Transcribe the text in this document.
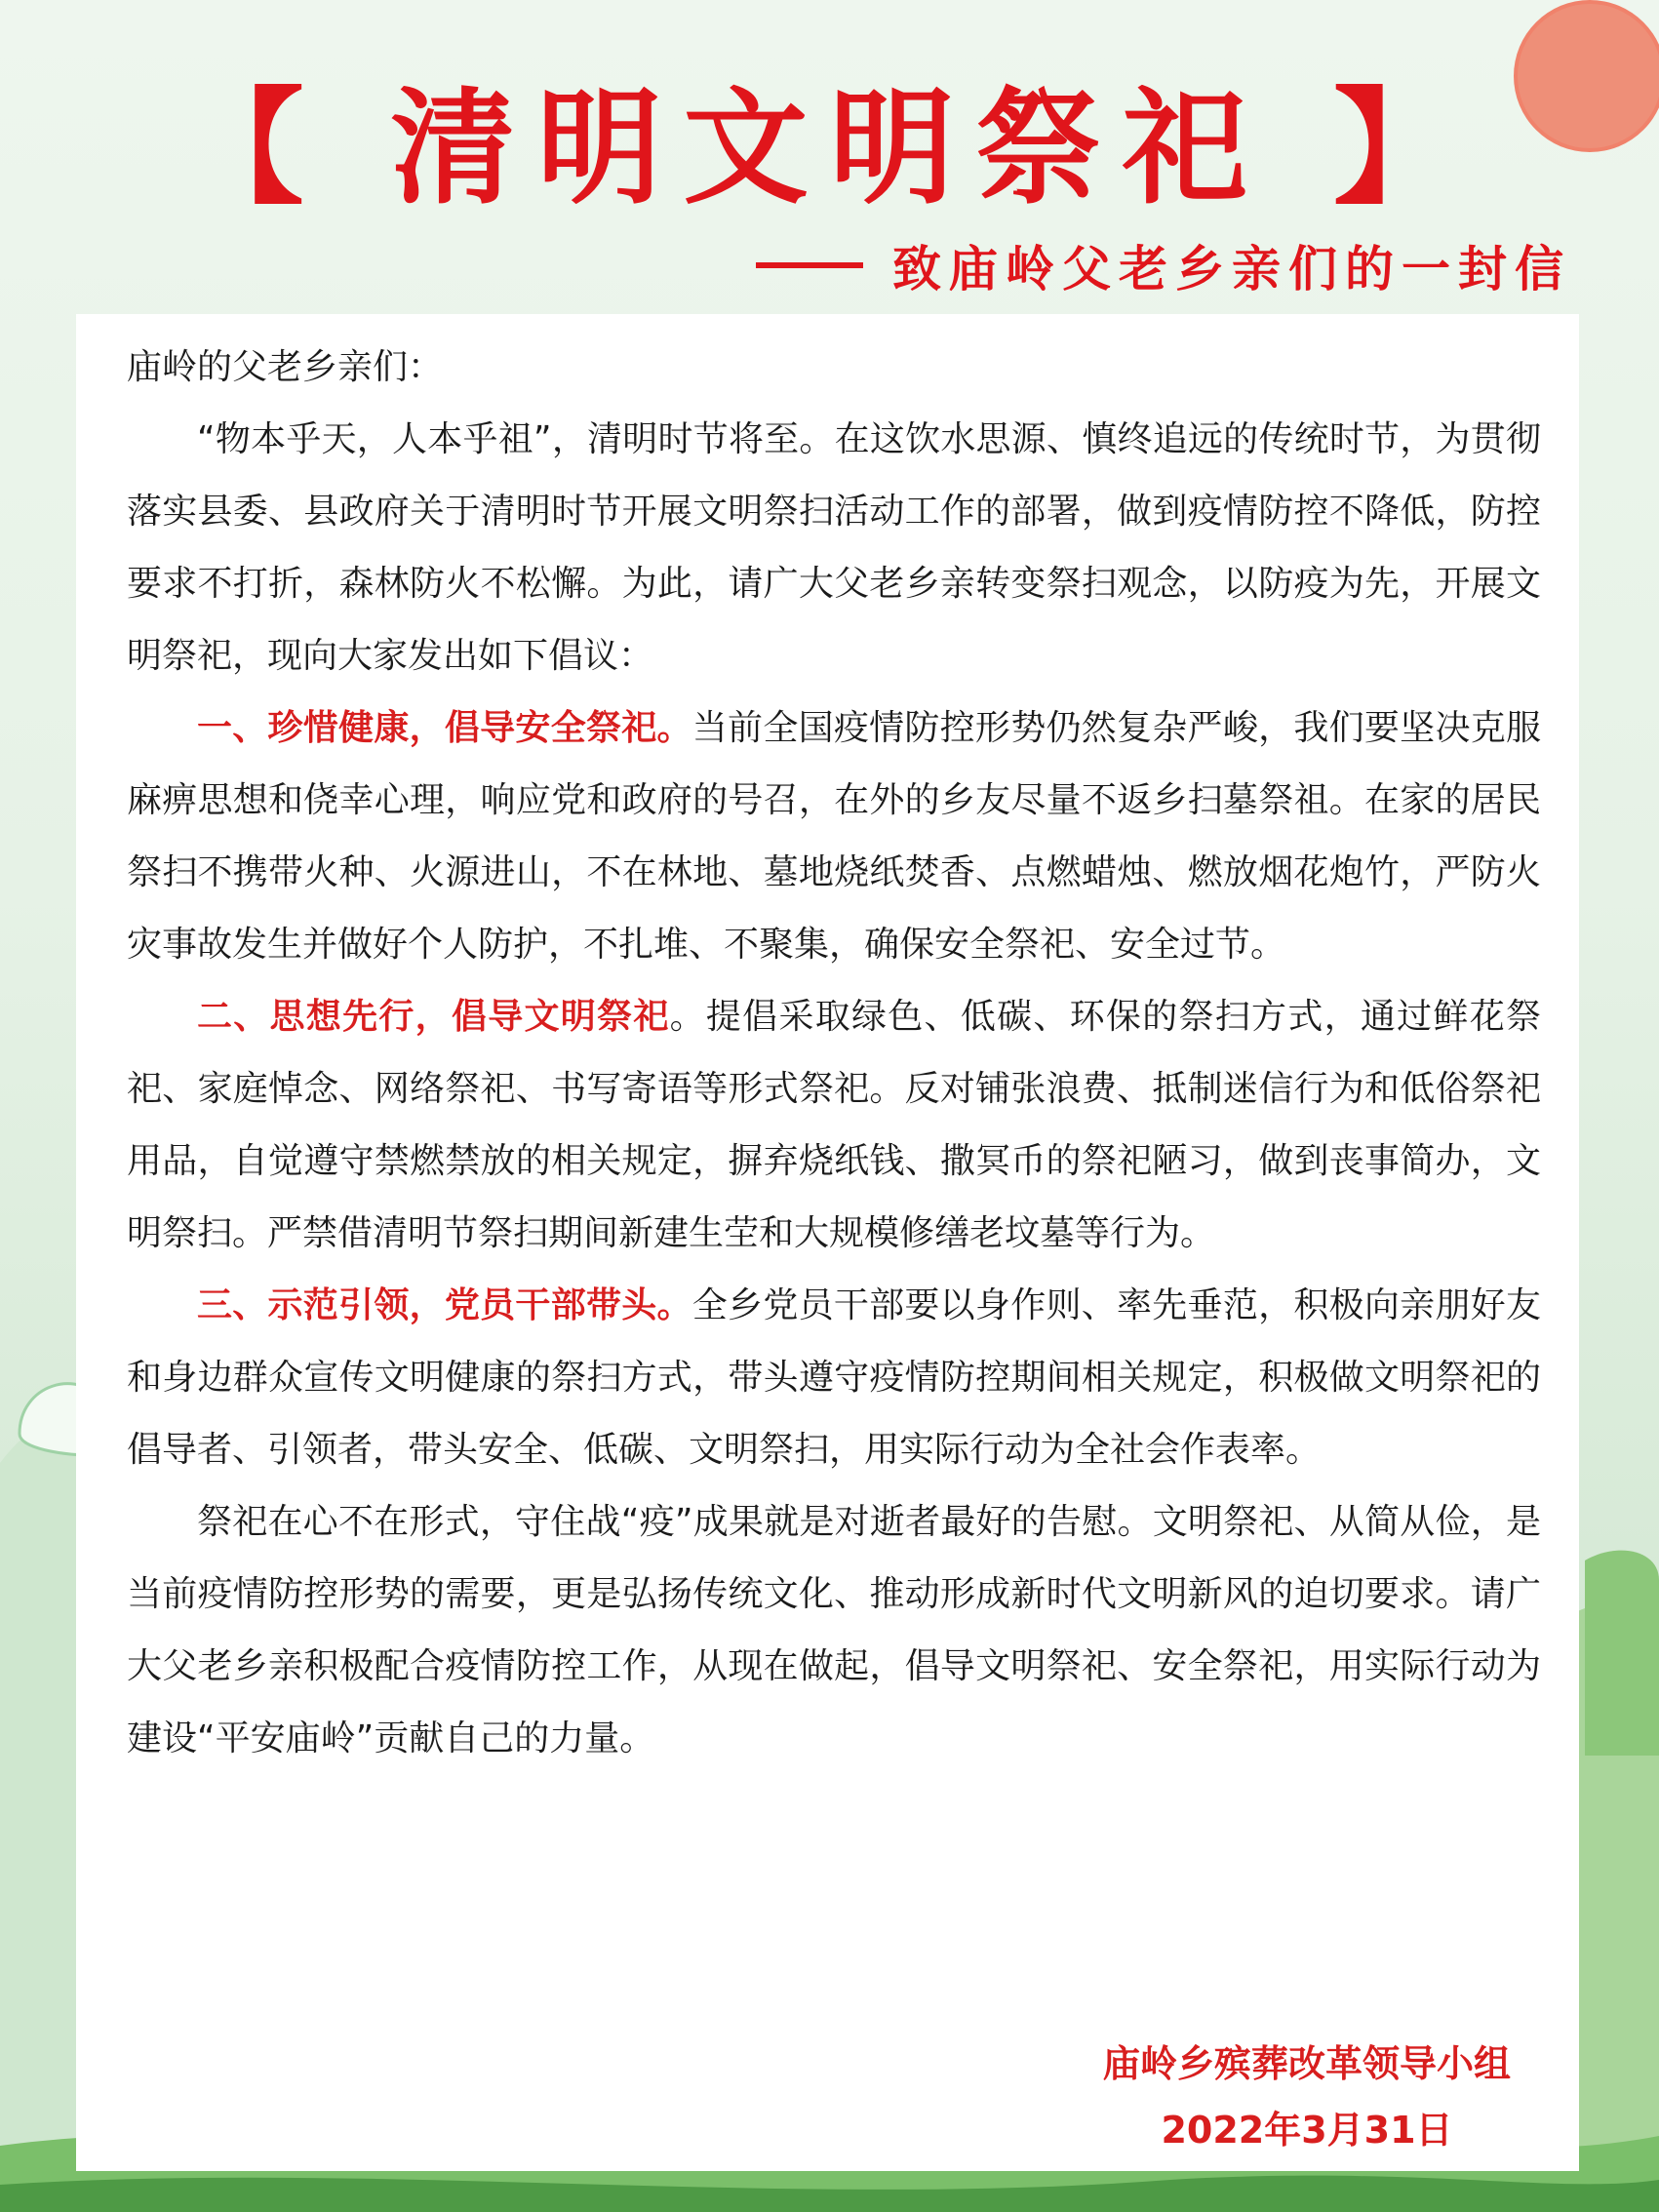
【 清明文明祭祀 】
致庙岭父老乡亲们的一封信

庙岭的父老乡亲们：

“物本乎天，人本乎祖”，清明时节将至。在这饮水思源、慎终追远的传统时节，为贯彻落实县委、县政府关于清明时节开展文明祭扫活动工作的部署，做到疫情防控不降低，防控要求不打折，森林防火不松懈。为此，请广大父老乡亲转变祭扫观念，以防疫为先，开展文明祭祀，现向大家发出如下倡议：

一、珍惜健康，倡导安全祭祀。当前全国疫情防控形势仍然复杂严峻，我们要坚决克服麻痹思想和侥幸心理，响应党和政府的号召，在外的乡友尽量不返乡扫墓祭祖。在家的居民祭扫不携带火种、火源进山，不在林地、墓地烧纸焚香、点燃蜡烛、燃放烟花炮竹，严防火灾事故发生并做好个人防护，不扎堆、不聚集，确保安全祭祀、安全过节。

二、思想先行，倡导文明祭祀。提倡采取绿色、低碳、环保的祭扫方式，通过鲜花祭祀、家庭悼念、网络祭祀、书写寄语等形式祭祀。反对铺张浪费、抵制迷信行为和低俗祭祀用品，自觉遵守禁燃禁放的相关规定，摒弃烧纸钱、撒冥币的祭祀陋习，做到丧事简办，文明祭扫。严禁借清明节祭扫期间新建生茔和大规模修缮老坟墓等行为。

三、示范引领，党员干部带头。全乡党员干部要以身作则、率先垂范，积极向亲朋好友和身边群众宣传文明健康的祭扫方式，带头遵守疫情防控期间相关规定，积极做文明祭祀的倡导者、引领者，带头安全、低碳、文明祭扫，用实际行动为全社会作表率。

祭祀在心不在形式，守住战“疫”成果就是对逝者最好的告慰。文明祭祀、从简从俭，是当前疫情防控形势的需要，更是弘扬传统文化、推动形成新时代文明新风的迫切要求。请广大父老乡亲积极配合疫情防控工作，从现在做起，倡导文明祭祀、安全祭祀，用实际行动为建设“平安庙岭”贡献自己的力量。

庙岭乡殡葬改革领导小组
2022年3月31日
